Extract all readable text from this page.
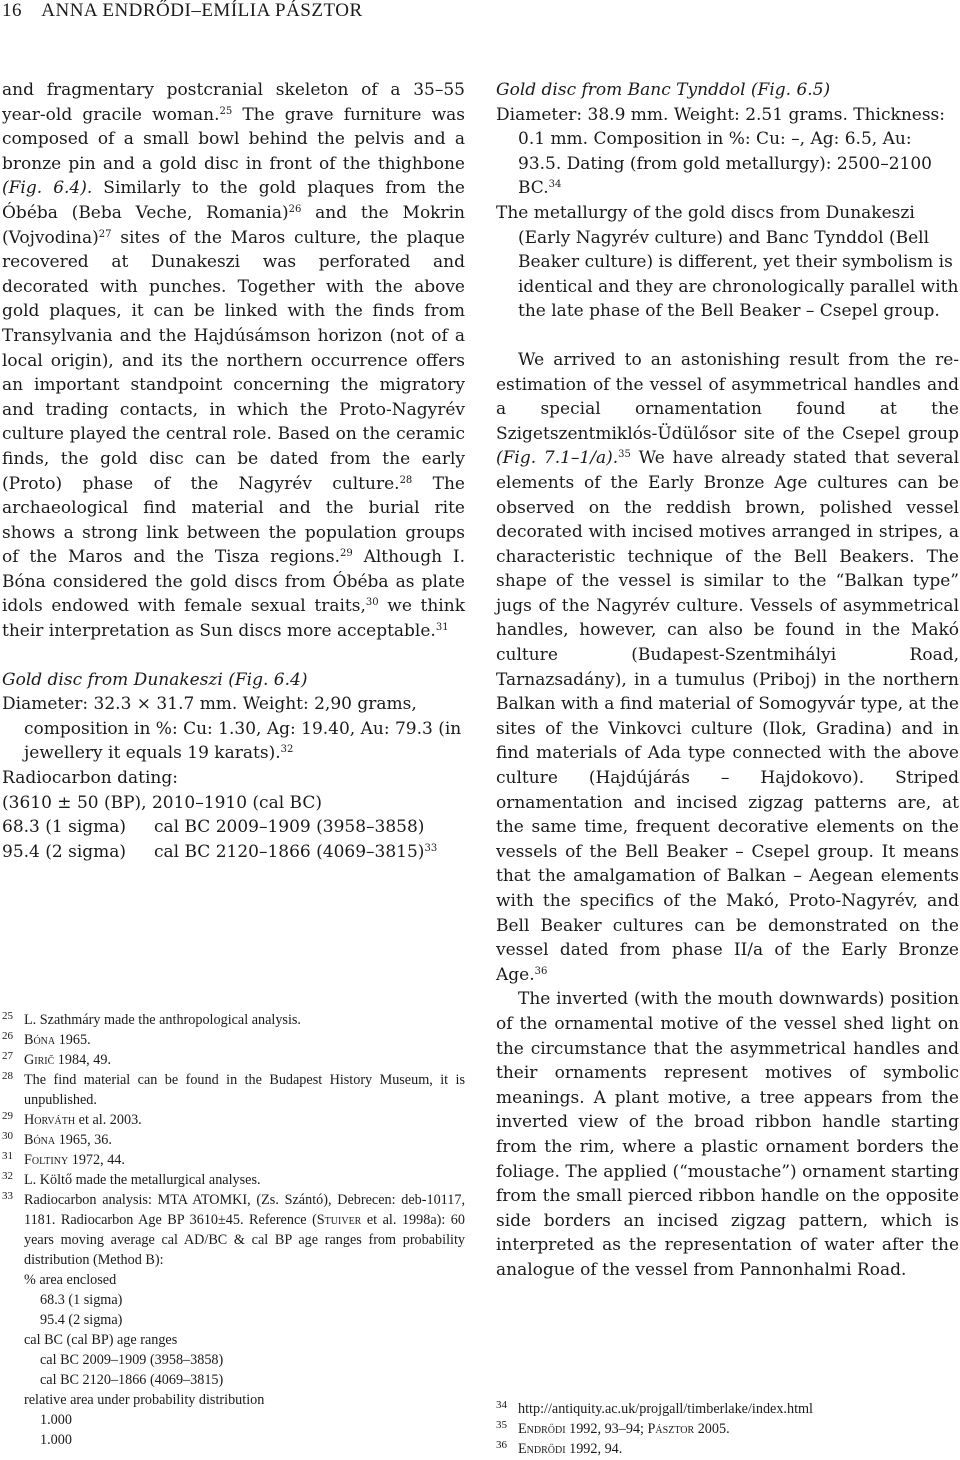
16 ANNA ENDRŐDI–EMÍLIA PÁSZTOR

and fragmentary postcranial skeleton of a 35–55 year-old gracile woman.$^{25}$ The grave furniture was composed of a small bowl behind the pelvis and a bronze pin and a gold disc in front of the thighbone (Fig. 6.4). Similarly to the gold plaques from the Óbéba (Beba Veche, Romania)$^{26}$ and the Mokrin (Vojvodina)$^{27}$ sites of the Maros culture, the plaque recovered at Dunakeszi was perforated and decorated with punches. Together with the above gold plaques, it can be linked with the finds from Transylvania and the Hajdúsámson horizon (not of a local origin), and its the northern occurrence offers an important standpoint concerning the migratory and trading contacts, in which the Proto-Nagyrév culture played the central role. Based on the ceramic finds, the gold disc can be dated from the early (Proto) phase of the Nagyrév culture.$^{28}$ The archaeological find material and the burial rite shows a strong link between the population groups of the Maros and the Tisza regions.$^{29}$ Although I. Bóna considered the gold discs from Óbéba as plate idols endowed with female sexual traits,$^{30}$ we think their interpretation as Sun discs more acceptable.$^{31}$

Gold disc from Dunakeszi (Fig. 6.4)

Diameter: 32.3 × 31.7 mm. Weight: 2,90 grams, composition in %: Cu: 1.30, Ag: 19.40, Au: 79.3 (in jewellery it equals 19 karats).$^{32}$

Radiocarbon dating:

(3610 ± 50 (BP), 2010–1910 (cal BC)

68.3 (1 sigma) cal BC 2009–1909 (3958–3858)

95.4 (2 sigma) cal BC 2120–1866 (4069–3815)$^{33}$

Gold disc from Banc Tynddol (Fig. 6.5)

Diameter: 38.9 mm. Weight: 2.51 grams. Thickness: 0.1 mm. Composition in %: Cu: –, Ag: 6.5, Au: 93.5. Dating (from gold metallurgy): 2500–2100 BC.$^{34}$

The metallurgy of the gold discs from Dunakeszi (Early Nagyrév culture) and Banc Tynddol (Bell Beaker culture) is different, yet their symbolism is identical and they are chronologically parallel with the late phase of the Bell Beaker – Csepel group.

We arrived to an astonishing result from the re-estimation of the vessel of asymmetrical handles and a special ornamentation found at the Szigetszentmiklós-Üdülősor site of the Csepel group (Fig. 7.1–1/a).$^{35}$ We have already stated that several elements of the Early Bronze Age cultures can be observed on the reddish brown, polished vessel decorated with incised motives arranged in stripes, a characteristic technique of the Bell Beakers. The shape of the vessel is similar to the “Balkan type” jugs of the Nagyrév culture. Vessels of asymmetrical handles, however, can also be found in the Makó culture (Budapest-Szentmihályi Road, Tarnazsadány), in a tumulus (Priboj) in the northern Balkan with a find material of Somogyvár type, at the sites of the Vinkovci culture (Ilok, Gradina) and in find materials of Ada type connected with the above culture (Hajdújárás – Hajdokovo). Striped ornamentation and incised zigzag patterns are, at the same time, frequent decorative elements on the vessels of the Bell Beaker – Csepel group. It means that the amalgamation of Balkan – Aegean elements with the specifics of the Makó, Proto-Nagyrév, and Bell Beaker cultures can be demonstrated on the vessel dated from phase II/a of the Early Bronze Age.$^{36}$

The inverted (with the mouth downwards) position of the ornamental motive of the vessel shed light on the circumstance that the asymmetrical handles and their ornaments represent motives of symbolic meanings. A plant motive, a tree appears from the inverted view of the broad ribbon handle starting from the rim, where a plastic ornament borders the foliage. The applied (“moustache”) ornament starting from the small pierced ribbon handle on the opposite side borders an incised zigzag pattern, which is interpreted as the representation of water after the analogue of the vessel from Pannonhalmi Road.

25 L. Szathmáry made the anthropological analysis.
26 Bóna 1965.
27 Girič 1984, 49.
28 The find material can be found in the Budapest History Museum, it is unpublished.
29 Horváth et al. 2003.
30 Bóna 1965, 36.
31 Foltiny 1972, 44.
32 L. Költő made the metallurgical analyses.
33 Radiocarbon analysis: MTA ATOMKI, (Zs. Szántó), Debrecen: deb-10117, 1181. Radiocarbon Age BP 3610±45. Reference (Stuiver et al. 1998a): 60 years moving average cal AD/BC & cal BP age ranges from probability distribution (Method B):
% area enclosed
68.3 (1 sigma)
95.4 (2 sigma)
cal BC (cal BP) age ranges
cal BC 2009–1909 (3958–3858)
cal BC 2120–1866 (4069–3815)
relative area under probability distribution
1.000
1.000
34 http://antiquity.ac.uk/projgall/timberlake/index.html
35 Endrődi 1992, 93–94; Pásztor 2005.
36 Endrődi 1992, 94.
